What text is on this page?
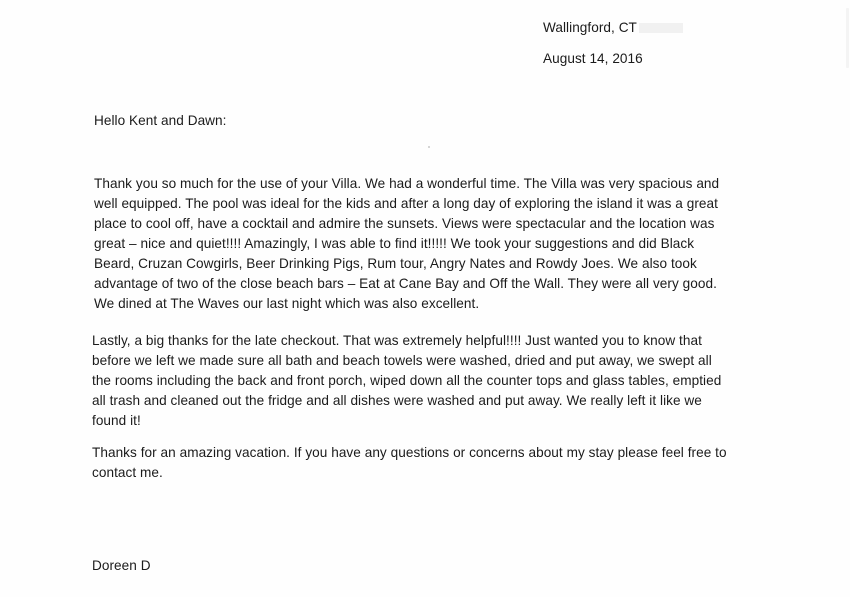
Wallingford, CT
August 14, 2016
Hello Kent and Dawn:
Thank you so much for the use of your Villa. We had a wonderful time. The Villa was very spacious and
well equipped. The pool was ideal for the kids and after a long day of exploring the island it was a great
place to cool off, have a cocktail and admire the sunsets. Views were spectacular and the location was
great – nice and quiet!!!! Amazingly, I was able to find it!!!!! We took your suggestions and did Black
Beard, Cruzan Cowgirls, Beer Drinking Pigs, Rum tour, Angry Nates and Rowdy Joes. We also took
advantage of two of the close beach bars – Eat at Cane Bay and Off the Wall. They were all very good.
We dined at The Waves our last night which was also excellent.
Lastly, a big thanks for the late checkout. That was extremely helpful!!!! Just wanted you to know that
before we left we made sure all bath and beach towels were washed, dried and put away, we swept all
the rooms including the back and front porch, wiped down all the counter tops and glass tables, emptied
all trash and cleaned out the fridge and all dishes were washed and put away. We really left it like we
found it!
Thanks for an amazing vacation. If you have any questions or concerns about my stay please feel free to
contact me.
Doreen D
